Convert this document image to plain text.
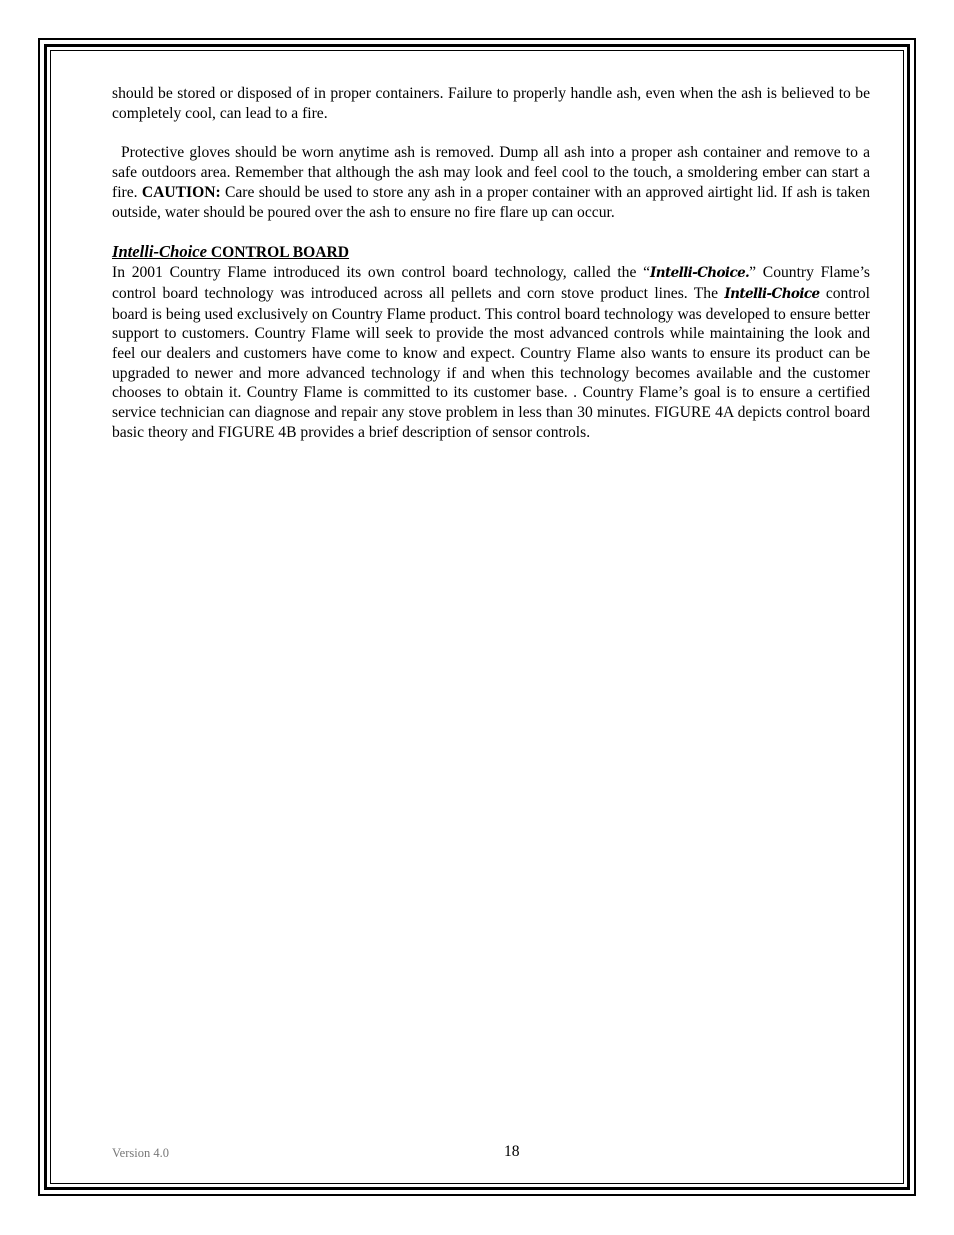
should be stored or disposed of in proper containers. Failure to properly handle ash, even when the ash is believed to be completely cool, can lead to a fire.

Protective gloves should be worn anytime ash is removed. Dump all ash into a proper ash container and remove to a safe outdoors area. Remember that although the ash may look and feel cool to the touch, a smoldering ember can start a fire. CAUTION: Care should be used to store any ash in a proper container with an approved airtight lid. If ash is taken outside, water should be poured over the ash to ensure no fire flare up can occur.

Intelli-Choice CONTROL BOARD

In 2001 Country Flame introduced its own control board technology, called the “Intelli-Choice.” Country Flame’s control board technology was introduced across all pellets and corn stove product lines. The Intelli-Choice control board is being used exclusively on Country Flame product. This control board technology was developed to ensure better support to customers. Country Flame will seek to provide the most advanced controls while maintaining the look and feel our dealers and customers have come to know and expect. Country Flame also wants to ensure its product can be upgraded to newer and more advanced technology if and when this technology becomes available and the customer chooses to obtain it. Country Flame is committed to its customer base. . Country Flame’s goal is to ensure a certified service technician can diagnose and repair any stove problem in less than 30 minutes. FIGURE 4A depicts control board basic theory and FIGURE 4B provides a brief description of sensor controls.

Version 4.0	18
